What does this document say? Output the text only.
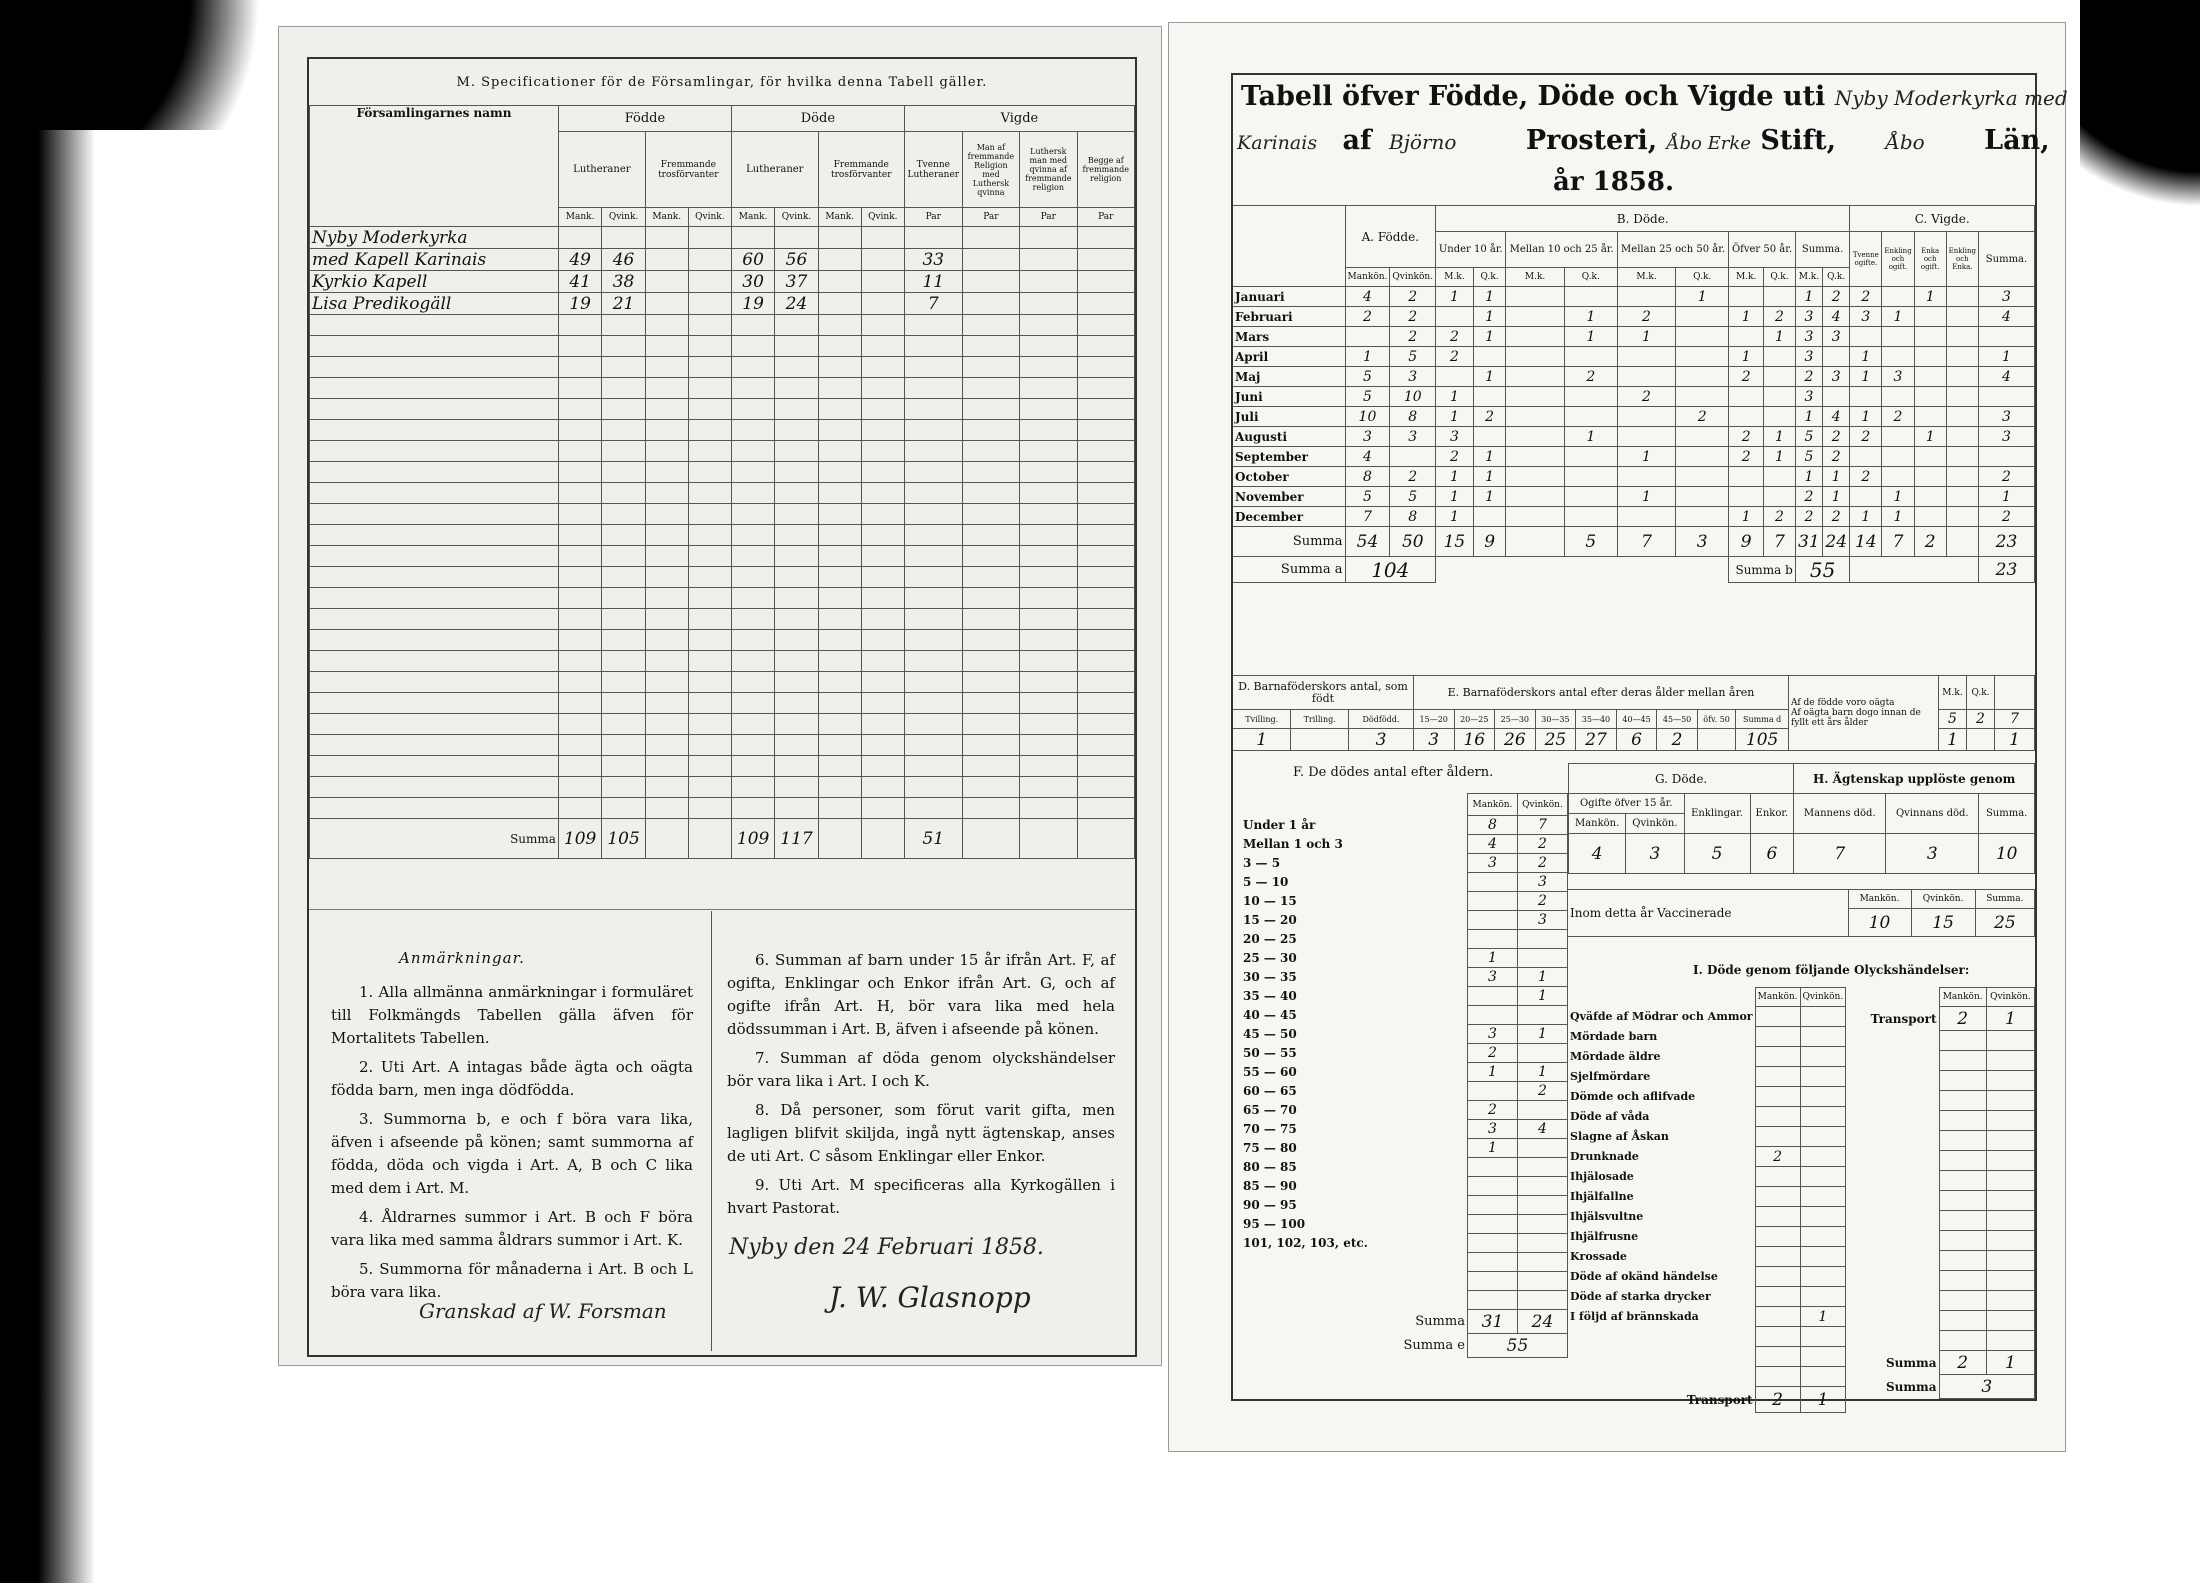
M. Specificationer för de Församlingar, för hvilka denna Tabell gäller.
Församlingarnes namn	Födde				Döde				Vigde			
	Lutheraner		Fremmande trosförvanter		Lutheraner		Fremmande trosförvanter		Tvenne Lutheraner	Man af fremmande Religion med Luthersk qvinna	Luthersk man med qvinna af fremmande religion	Begge af fremmande religion
	Mank.	Qvink.	Mank.	Qvink.	Mank.	Qvink.	Mank.	Qvink.	Par	Par	Par	Par
Nyby Moderkyrka												
med Kapell Karinais	49	46			60	56			33			
Kyrkio Kapell	41	38			30	37			11			
Lisa Predikogäll	19	21			19	24			7			

Summa	109	105			109	117			51			
Anmärkningar.

1. Alla allmänna anmärkningar i formuläret till Folkmängds Tabellen gälla äfven för Mortalitets Tabellen.

2. Uti Art. A intagas både ägta och oägta födda barn, men inga dödfödda.

3. Summorna b, e och f böra vara lika, äfven i afseende på könen; samt summorna af födda, döda och vigda i Art. A, B och C lika med dem i Art. M.

4. Åldrarnes summor i Art. B och F böra vara lika med samma åldrars summor i Art. K.

5. Summorna för månaderna i Art. B och L böra vara lika.

6. Summan af barn under 15 år ifrån Art. F, af ogifta, Enklingar och Enkor ifrån Art. G, och af ogifte ifrån Art. H, bör vara lika med hela dödssumman i Art. B, äfven i afseende på könen.

7. Summan af döda genom olyckshändelser bör vara lika i Art. I och K.

8. Då personer, som förut varit gifta, men lagligen blifvit skiljda, ingå nytt ägtenskap, anses de uti Art. C såsom Enklingar eller Enkor.

9. Uti Art. M specificeras alla Kyrkogällen i hvart Pastorat.

Nyby den 24 Februari 1858.
Granskad af W. Forsman	J. W. Glasnopp
Tabell öfver Födde, Döde och Vigde uti Nyby Moderkyrka med
Karinais af Björno	Prosteri, Åbo Erke Stift, Åbo Län,
år 1858.
	A. Födde.		B. Döde.										C. Vigde.				
			Under 10 år.		Mellan 10 och 25 år.		Mellan 25 och 50 år.		Öfver 50 år.		Summa.		Tvenne ogifte.	Enkling och ogift.	Enka och ogift.	Enkling och Enka.	Summa.
	Mankön.	Qvinkön.	M.k.	Q.k.	M.k.	Q.k.	M.k.	Q.k.	M.k.	Q.k.	M.k.	Q.k.					
Januari	4	2	1	1				1			1	2	2		1		3
Februari	2	2		1		1	2		1	2	3	4	3	1			4
Mars		2	2	1		1	1			1	3	3					
April	1	5	2						1		3		1				1
Maj	5	3		1		2			2		2	3	1	3			4
Juni	5	10	1				2				3						
Juli	10	8	1	2				2			1	4	1	2			3
Augusti	3	3	3			1			2	1	5	2	2		1		3
September	4		2	1			1		2	1	5	2					
October	8	2	1	1							1	1	2				2
November	5	5	1	1			1				2	1		1			1
December	7	8	1						1	2	2	2	1	1			2
Summa	54	50	15	9		5	7	3	9	7	31	24	14	7	2		23
Summa a	104								Summa b		55						23
D. Barnaföderskors antal, som födt			E. Barnaföderskors antal efter deras ålder mellan åren									Af de födde voro oägta
Af oägta barn dogo innan de fyllt ett års ålder	M.k.	Q.k.	
Tvilling.	Trilling.	Dödfödd.	15—20	20—25	25—30	30—35	35—40	40—45	45—50	öfv. 50	Summa d		5	2	7
1		3	3	16	26	25	27	6	2		105		1		1
F. De dödes antal efter åldern.
	Mankön.	Qvinkön.
Under 1 år	8	7
Mellan 1 och 3	4	2
3 — 5	3	2
5 — 10		3
10 — 15		2
15 — 20		3
20 — 25		
25 — 30	1	
30 — 35	3	1
35 — 40		1
40 — 45		
45 — 50	3	1
50 — 55	2	
55 — 60	1	1
60 — 65		2
65 — 70	2	
70 — 75	3	4
75 — 80	1	
80 — 85		
85 — 90		
90 — 95		
95 — 100		
101, 102, 103, etc.		

Summa	31	24
Summa e	55	
G. Döde.				H. Ägtenskap upplöste genom		
Ogifte öfver 15 år.		Enklingar.	Enkor.	Mannens död.	Qvinnans död.	Summa.
Mankön.	Qvinkön.					
4	3	5	6	7	3	10
Inom detta år Vaccinerade	Mankön.	Qvinkön.	Summa.
	10	15	25
I. Döde genom följande Olyckshändelser:
	Mankön.	Qvinkön.
Qväfde af Mödrar och Ammor		
Mördade barn		
Mördade äldre		
Sjelfmördare		
Dömde och aflifvade		
Döde af våda		
Slagne af Åskan		
Drunknade	2	
Ihjälosade		
Ihjälfallne		
Ihjälsvultne		
Ihjälfrusne		
Krossade		
Döde af okänd händelse		
Döde af starka drycker		
I följd af brännskada		1

Transport	2	1
	Mankön.	Qvinkön.
Transport	2	1

Summa	2	1
Summa	3	
